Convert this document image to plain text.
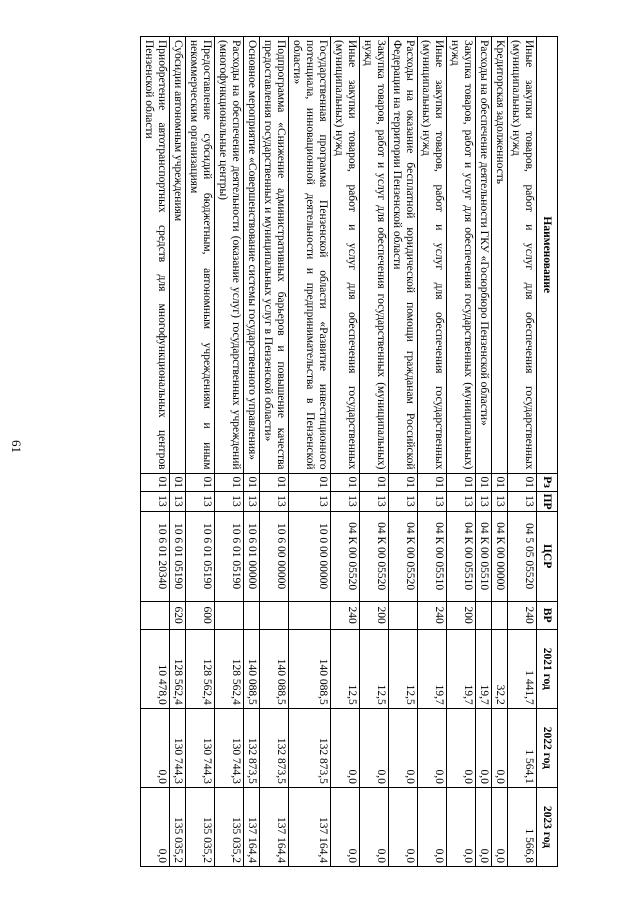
61
Наименование	Рз	ПР	ЦСР	ВР	2021 год	2022 год	2023 год
Иные закупки товаров, работ и услуг для обеспечения государственных (муниципальных) нужд	01	13	04 5 05 05520	240	1 441,7	1 564,1	1 566,8
Кредиторская задолженность	01	13	04 К 00 00000		32,2	0,0	0,0
Расходы на обеспечение деятельности ГКУ «Госюрбюро Пензенской области»	01	13	04 К 00 05510		19,7	0,0	0,0
Закупка товаров, работ и услуг для обеспечения государственных (муниципальных) нужд	01	13	04 К 00 05510	200	19,7	0,0	0,0
Иные закупки товаров, работ и услуг для обеспечения государственных (муниципальных) нужд	01	13	04 К 00 05510	240	19,7	0,0	0,0
Расходы на оказание бесплатной юридической помощи гражданам Российской Федерации на территории Пензенской области	01	13	04 К 00 05520		12,5	0,0	0,0
Закупка товаров, работ и услуг для обеспечения государственных (муниципальных) нужд	01	13	04 К 00 05520	200	12,5	0,0	0,0
Иные закупки товаров, работ и услуг для обеспечения государственных (муниципальных) нужд	01	13	04 К 00 05520	240	12,5	0,0	0,0
Государственная программа Пензенской области «Развитие инвестиционного потенциала, инновационной деятельности и предпринимательства в Пензенской области»	01	13	10 0 00 00000		140 088,5	132 873,5	137 164,4
Подпрограмма «Снижение административных барьеров и повышение качества предоставления государственных и муниципальных услуг в Пензенской области»	01	13	10 6 00 00000		140 088,5	132 873,5	137 164,4
Основное мероприятие «Совершенствование системы государственного управления»	01	13	10 6 01 00000		140 088,5	132 873,5	137 164,4
Расходы на обеспечение деятельности (оказание услуг) государственных учреждений (многофункциональные центры)	01	13	10 6 01 05190		128 562,4	130 744,3	135 035,2
Предоставление субсидий бюджетным, автономным учреждениям и иным некоммерческим организациям	01	13	10 6 01 05190	600	128 562,4	130 744,3	135 035,2
Субсидии автономным учреждениям	01	13	10 6 01 05190	620	128 562,4	130 744,3	135 035,2
Приобретение автотранспортных средств для многофункциональных центров Пензенской области	01	13	10 6 01 20340		10 478,0	0,0	0,0
